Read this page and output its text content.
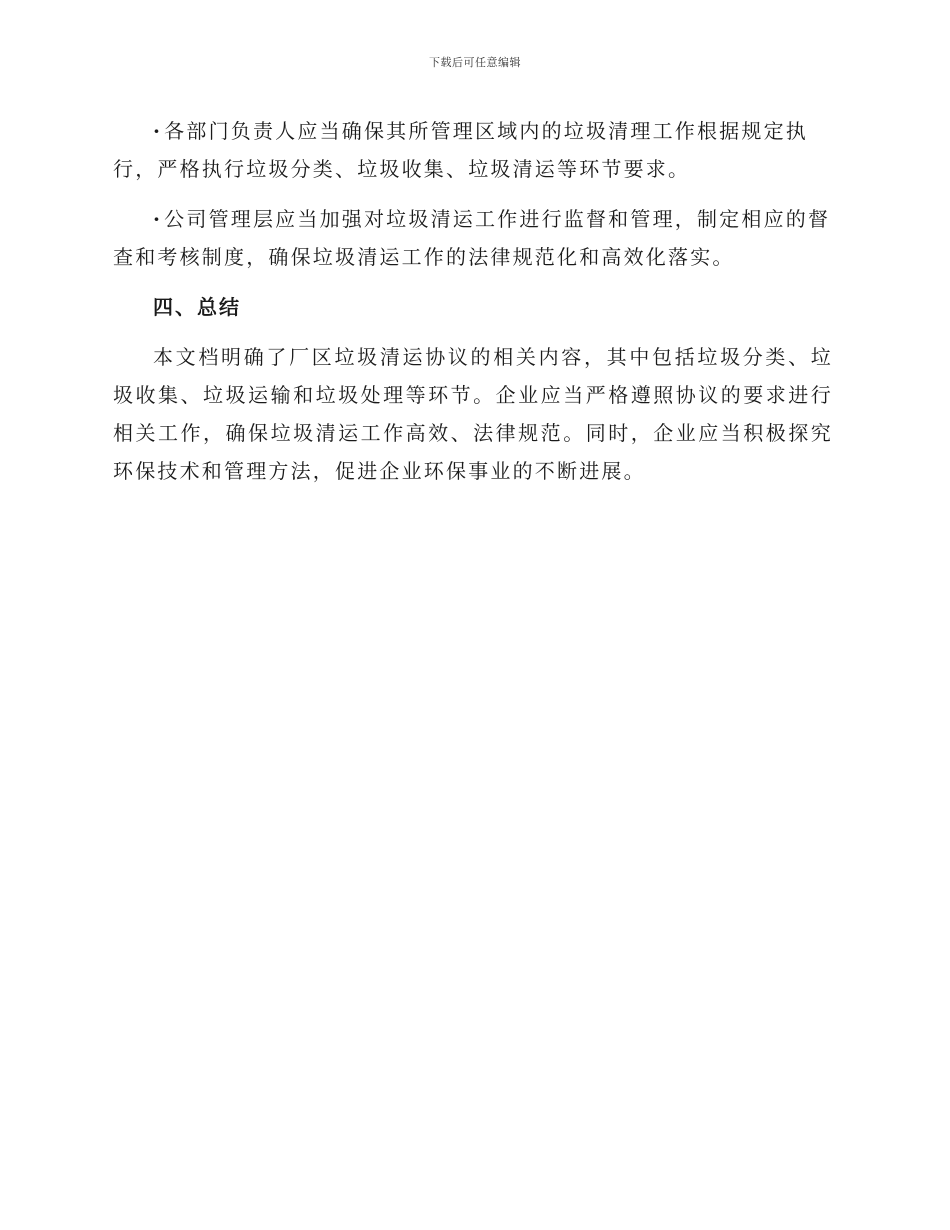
下载后可任意编辑

· 各部门负责人应当确保其所管理区域内的垃圾清理工作根据规定执行，严格执行垃圾分类、垃圾收集、垃圾清运等环节要求。

· 公司管理层应当加强对垃圾清运工作进行监督和管理，制定相应的督查和考核制度，确保垃圾清运工作的法律规范化和高效化落实。

四、总结

本文档明确了厂区垃圾清运协议的相关内容，其中包括垃圾分类、垃圾收集、垃圾运输和垃圾处理等环节。企业应当严格遵照协议的要求进行相关工作，确保垃圾清运工作高效、法律规范。同时，企业应当积极探究环保技术和管理方法，促进企业环保事业的不断进展。
